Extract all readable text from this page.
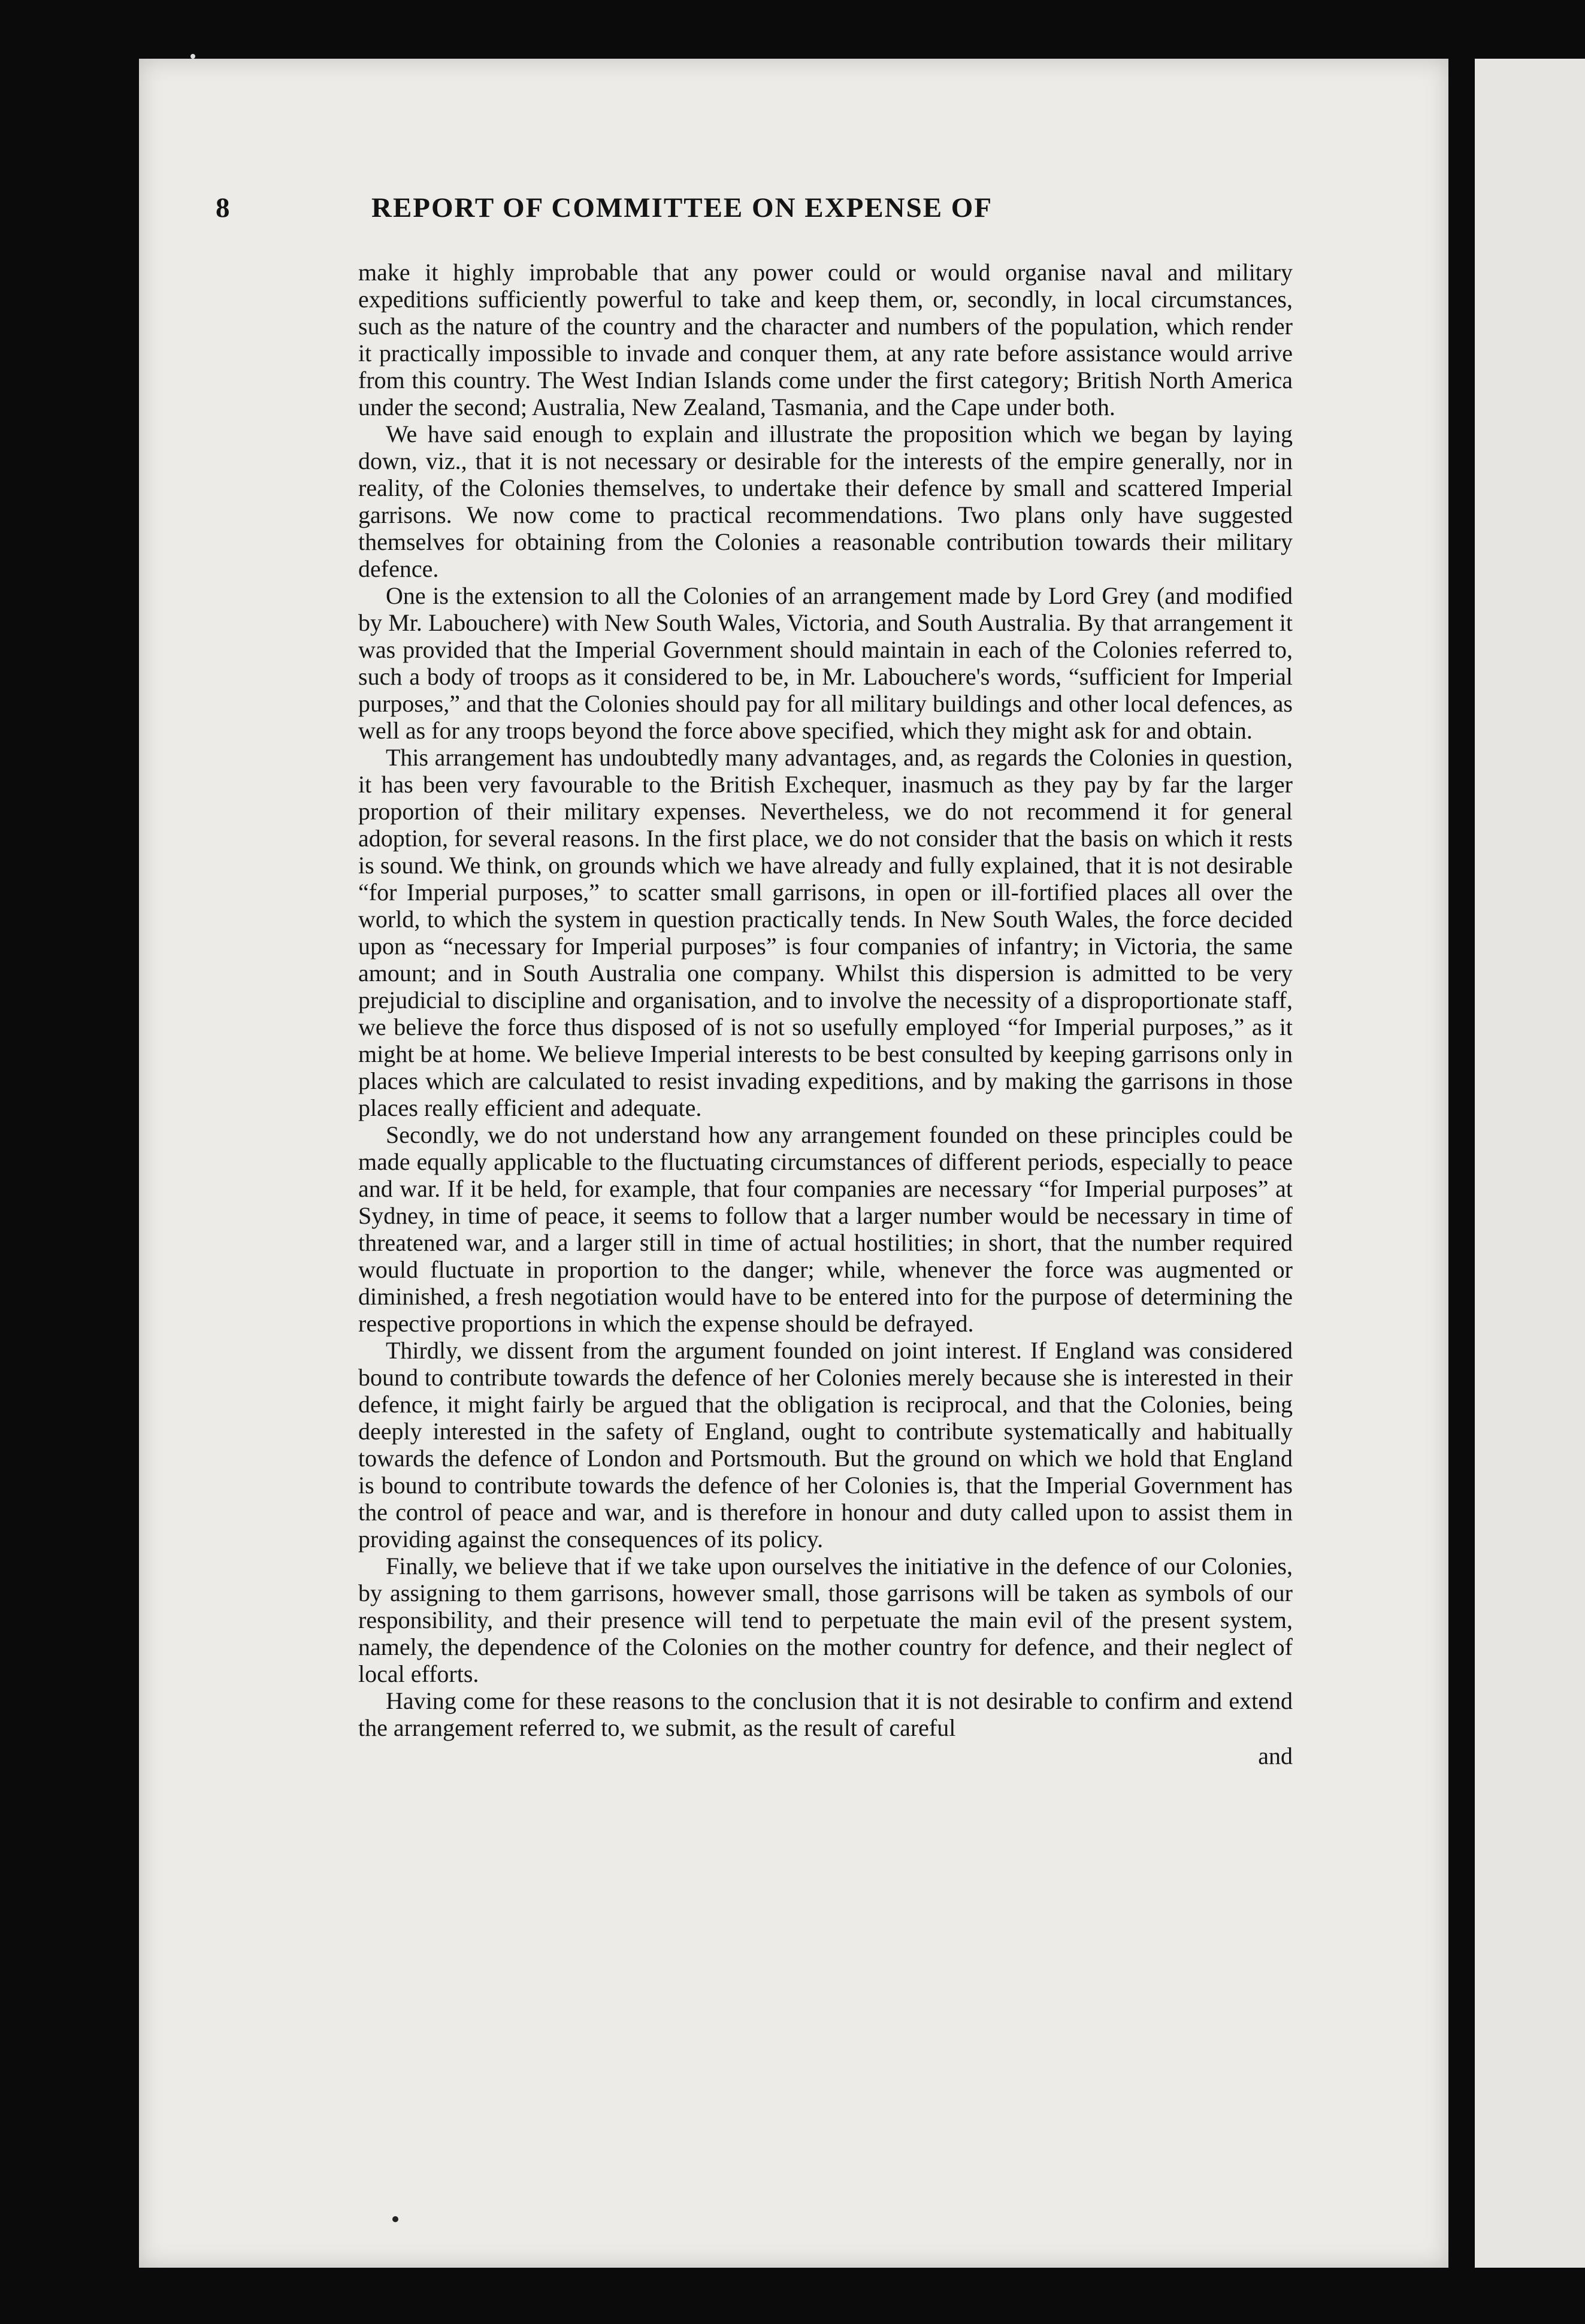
8	REPORT OF COMMITTEE ON EXPENSE OF

make it highly improbable that any power could or would organise naval and military expeditions sufficiently powerful to take and keep them, or, secondly, in local circumstances, such as the nature of the country and the character and numbers of the population, which render it practically impossible to invade and conquer them, at any rate before assistance would arrive from this country. The West Indian Islands come under the first category; British North America under the second; Australia, New Zealand, Tasmania, and the Cape under both.

We have said enough to explain and illustrate the proposition which we began by laying down, viz., that it is not necessary or desirable for the interests of the empire generally, nor in reality, of the Colonies themselves, to undertake their defence by small and scattered Imperial garrisons. We now come to practical recommendations. Two plans only have suggested themselves for obtaining from the Colonies a reasonable contribution towards their military defence.

One is the extension to all the Colonies of an arrangement made by Lord Grey (and modified by Mr. Labouchere) with New South Wales, Victoria, and South Australia. By that arrangement it was provided that the Imperial Government should maintain in each of the Colonies referred to, such a body of troops as it considered to be, in Mr. Labouchere's words, “sufficient for Imperial purposes,” and that the Colonies should pay for all military buildings and other local defences, as well as for any troops beyond the force above specified, which they might ask for and obtain.

This arrangement has undoubtedly many advantages, and, as regards the Colonies in question, it has been very favourable to the British Exchequer, inasmuch as they pay by far the larger proportion of their military expenses. Nevertheless, we do not recommend it for general adoption, for several reasons. In the first place, we do not consider that the basis on which it rests is sound. We think, on grounds which we have already and fully explained, that it is not desirable “for Imperial purposes,” to scatter small garrisons, in open or ill-fortified places all over the world, to which the system in question practically tends. In New South Wales, the force decided upon as “necessary for Imperial purposes” is four companies of infantry; in Victoria, the same amount; and in South Australia one company. Whilst this dispersion is admitted to be very prejudicial to discipline and organisation, and to involve the necessity of a disproportionate staff, we believe the force thus disposed of is not so usefully employed “for Imperial purposes,” as it might be at home. We believe Imperial interests to be best consulted by keeping garrisons only in places which are calculated to resist invading expeditions, and by making the garrisons in those places really efficient and adequate.

Secondly, we do not understand how any arrangement founded on these principles could be made equally applicable to the fluctuating circumstances of different periods, especially to peace and war. If it be held, for example, that four companies are necessary “for Imperial purposes” at Sydney, in time of peace, it seems to follow that a larger number would be necessary in time of threatened war, and a larger still in time of actual hostilities; in short, that the number required would fluctuate in proportion to the danger; while, whenever the force was augmented or diminished, a fresh negotiation would have to be entered into for the purpose of determining the respective proportions in which the expense should be defrayed.

Thirdly, we dissent from the argument founded on joint interest. If England was considered bound to contribute towards the defence of her Colonies merely because she is interested in their defence, it might fairly be argued that the obligation is reciprocal, and that the Colonies, being deeply interested in the safety of England, ought to contribute systematically and habitually towards the defence of London and Portsmouth. But the ground on which we hold that England is bound to contribute towards the defence of her Colonies is, that the Imperial Government has the control of peace and war, and is therefore in honour and duty called upon to assist them in providing against the consequences of its policy.

Finally, we believe that if we take upon ourselves the initiative in the defence of our Colonies, by assigning to them garrisons, however small, those garrisons will be taken as symbols of our responsibility, and their presence will tend to perpetuate the main evil of the present system, namely, the dependence of the Colonies on the mother country for defence, and their neglect of local efforts.

Having come for these reasons to the conclusion that it is not desirable to confirm and extend the arrangement referred to, we submit, as the result of careful

and
